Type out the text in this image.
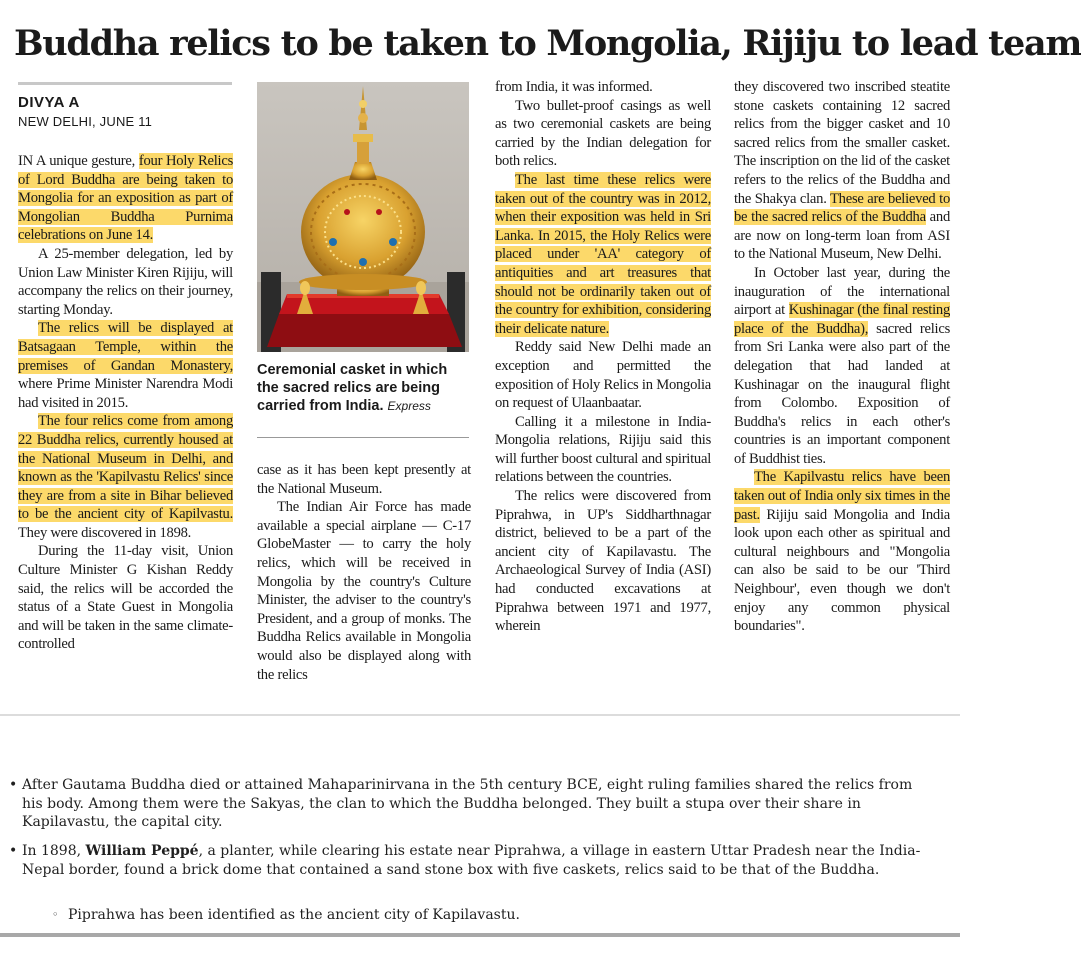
Buddha relics to be taken to Mongolia, Rijiju to lead team
DIVYA A
NEW DELHI, JUNE 11

IN A unique gesture, four Holy Relics of Lord Buddha are being taken to Mongolia for an exposition as part of Mongolian Buddha Purnima celebrations on June 14.

A 25-member delegation, led by Union Law Minister Kiren Rijiju, will accompany the relics on their journey, starting Monday.

The relics will be displayed at Batsagaan Temple, within the premises of Gandan Monastery, where Prime Minister Narendra Modi had visited in 2015.

The four relics come from among 22 Buddha relics, currently housed at the National Museum in Delhi, and known as the 'Kapilvastu Relics' since they are from a site in Bihar believed to be the ancient city of Kapilvastu. They were discovered in 1898.

During the 11-day visit, Union Culture Minister G Kishan Reddy said, the relics will be accorded the status of a State Guest in Mongolia and will be taken in the same climate-controlled

Ceremonial casket in which the sacred relics are being carried from India. Express

case as it has been kept presently at the National Museum.

The Indian Air Force has made available a special airplane — C-17 GlobeMaster — to carry the holy relics, which will be received in Mongolia by the country's Culture Minister, the adviser to the country's President, and a group of monks. The Buddha Relics available in Mongolia would also be displayed along with the relics

from India, it was informed.

Two bullet-proof casings as well as two ceremonial caskets are being carried by the Indian delegation for both relics.

The last time these relics were taken out of the country was in 2012, when their exposition was held in Sri Lanka. In 2015, the Holy Relics were placed under 'AA' category of antiquities and art treasures that should not be ordinarily taken out of the country for exhibition, considering their delicate nature.

Reddy said New Delhi made an exception and permitted the exposition of Holy Relics in Mongolia on request of Ulaanbaatar.

Calling it a milestone in India-Mongolia relations, Rijiju said this will further boost cultural and spiritual relations between the countries.

The relics were discovered from Piprahwa, in UP's Siddharthnagar district, believed to be a part of the ancient city of Kapilavastu. The Archaeological Survey of India (ASI) had conducted excavations at Piprahwa between 1971 and 1977, wherein

they discovered two inscribed steatite stone caskets containing 12 sacred relics from the bigger casket and 10 sacred relics from the smaller casket. The inscription on the lid of the casket refers to the relics of the Buddha and the Shakya clan. These are believed to be the sacred relics of the Buddha and are now on long-term loan from ASI to the National Museum, New Delhi.

In October last year, during the inauguration of the international airport at Kushinagar (the final resting place of the Buddha), sacred relics from Sri Lanka were also part of the delegation that had landed at Kushinagar on the inaugural flight from Colombo. Exposition of Buddha's relics in each other's countries is an important component of Buddhist ties.

The Kapilvastu relics have been taken out of India only six times in the past. Rijiju said Mongolia and India look upon each other as spiritual and cultural neighbours and "Mongolia can also be said to be our 'Third Neighbour', even though we don't enjoy any common physical boundaries".

• After Gautama Buddha died or attained Mahaparinirvana in the 5th century BCE, eight ruling families shared the relics from his body. Among them were the Sakyas, the clan to which the Buddha belonged. They built a stupa over their share in Kapilavastu, the capital city.
• In 1898, William Peppé, a planter, while clearing his estate near Piprahwa, a village in eastern Uttar Pradesh near the India-Nepal border, found a brick dome that contained a sand stone box with five caskets, relics said to be that of the Buddha.
◦ Piprahwa has been identified as the ancient city of Kapilavastu.
